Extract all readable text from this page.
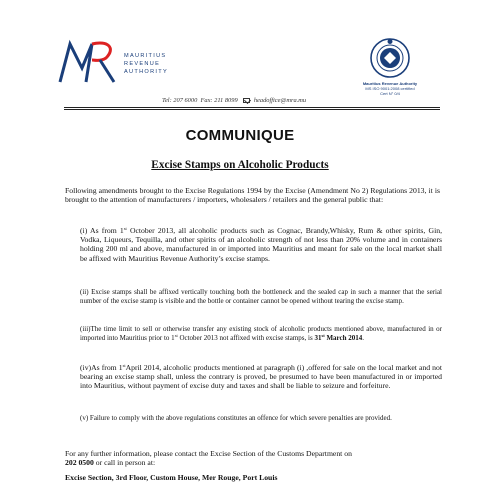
MAURITIUS
REVENUE
AUTHORITY
Mauritius Revenue Authority
MS ISO 9001:2008 certified
Cert N° 0/4
Tel: 207 6000 Fax: 211 8099	headoffice@mra.mu
COMMUNIQUE
Excise Stamps on Alcoholic Products
Following amendments brought to the Excise Regulations 1994 by the Excise (Amendment No 2) Regulations 2013, it is brought to the attention of manufacturers / importers, wholesalers / retailers and the general public that:
(i) As from 1st October 2013, all alcoholic products such as Cognac, Brandy,Whisky, Rum & other spirits, Gin, Vodka, Liqueurs, Tequilla, and other spirits of an alcoholic strength of not less than 20% volume and in containers holding 200 ml and above, manufactured in or imported into Mauritius and meant for sale on the local market shall be affixed with Mauritius Revenue Authority’s excise stamps.
(ii) Excise stamps shall be affixed vertically touching both the bottleneck and the sealed cap in such a manner that the serial number of the excise stamp is visible and the bottle or container cannot be opened without tearing the excise stamp.
(iii)The time limit to sell or otherwise transfer any existing stock of alcoholic products mentioned above, manufactured in or imported into Mauritius prior to 1st October 2013 not affixed with excise stamps, is 31st March 2014.
(iv)As from 1stApril 2014, alcoholic products mentioned at paragraph (i) ,offered for sale on the local market and not bearing an excise stamp shall, unless the contrary is proved, be presumed to have been manufactured in or imported into Mauritius, without payment of excise duty and taxes and shall be liable to seizure and forfeiture.
(v) Failure to comply with the above regulations constitutes an offence for which severe penalties are provided.
For any further information, please contact the Excise Section of the Customs Department on
202 0500 or call in person at:
Excise Section, 3rd Floor, Custom House, Mer Rouge, Port Louis
